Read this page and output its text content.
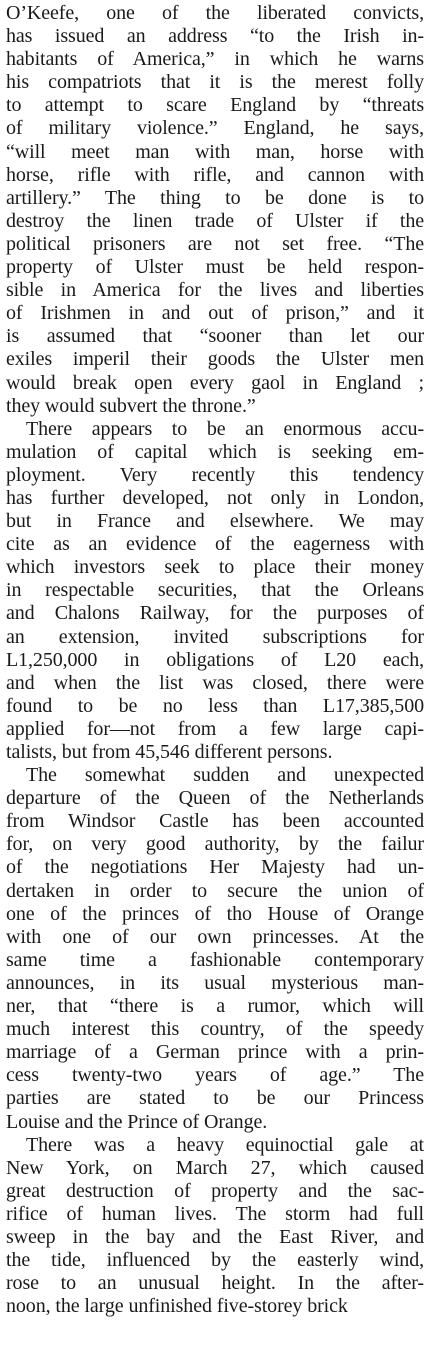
O’Keefe, one of the liberated convicts,
has issued an address “to the Irish in-
habitants of America,” in which he warns
his compatriots that it is the merest folly
to attempt to scare England by “threats
of military violence.” England, he says,
“will meet man with man, horse with
horse, rifle with rifle, and cannon with
artillery.” The thing to be done is to
destroy the linen trade of Ulster if the
political prisoners are not set free. “The
property of Ulster must be held respon-
sible in America for the lives and liberties
of Irishmen in and out of prison,” and it
is assumed that “sooner than let our
exiles imperil their goods the Ulster men
would break open every gaol in England ;
they would subvert the throne.”
There appears to be an enormous accu-
mulation of capital which is seeking em-
ployment. Very recently this tendency
has further developed, not only in London,
but in France and elsewhere. We may
cite as an evidence of the eagerness with
which investors seek to place their money
in respectable securities, that the Orleans
and Chalons Railway, for the purposes of
an extension, invited subscriptions for
L1,250,000 in obligations of L20 each,
and when the list was closed, there were
found to be no less than L17,385,500
applied for—not from a few large capi-
talists, but from 45,546 different persons.
The somewhat sudden and unexpected
departure of the Queen of the Netherlands
from Windsor Castle has been accounted
for, on very good authority, by the failur
of the negotiations Her Majesty had un-
dertaken in order to secure the union of
one of the princes of tho House of Orange
with one of our own princesses. At the
same time a fashionable contemporary
announces, in its usual mysterious man-
ner, that “there is a rumor, which will
much interest this country, of the speedy
marriage of a German prince with a prin-
cess twenty-two years of age.” The
parties are stated to be our Princess
Louise and the Prince of Orange.
There was a heavy equinoctial gale at
New York, on March 27, which caused
great destruction of property and the sac-
rifice of human lives. The storm had full
sweep in the bay and the East River, and
the tide, influenced by the easterly wind,
rose to an unusual height. In the after-
noon, the large unfinished five-storey brick
